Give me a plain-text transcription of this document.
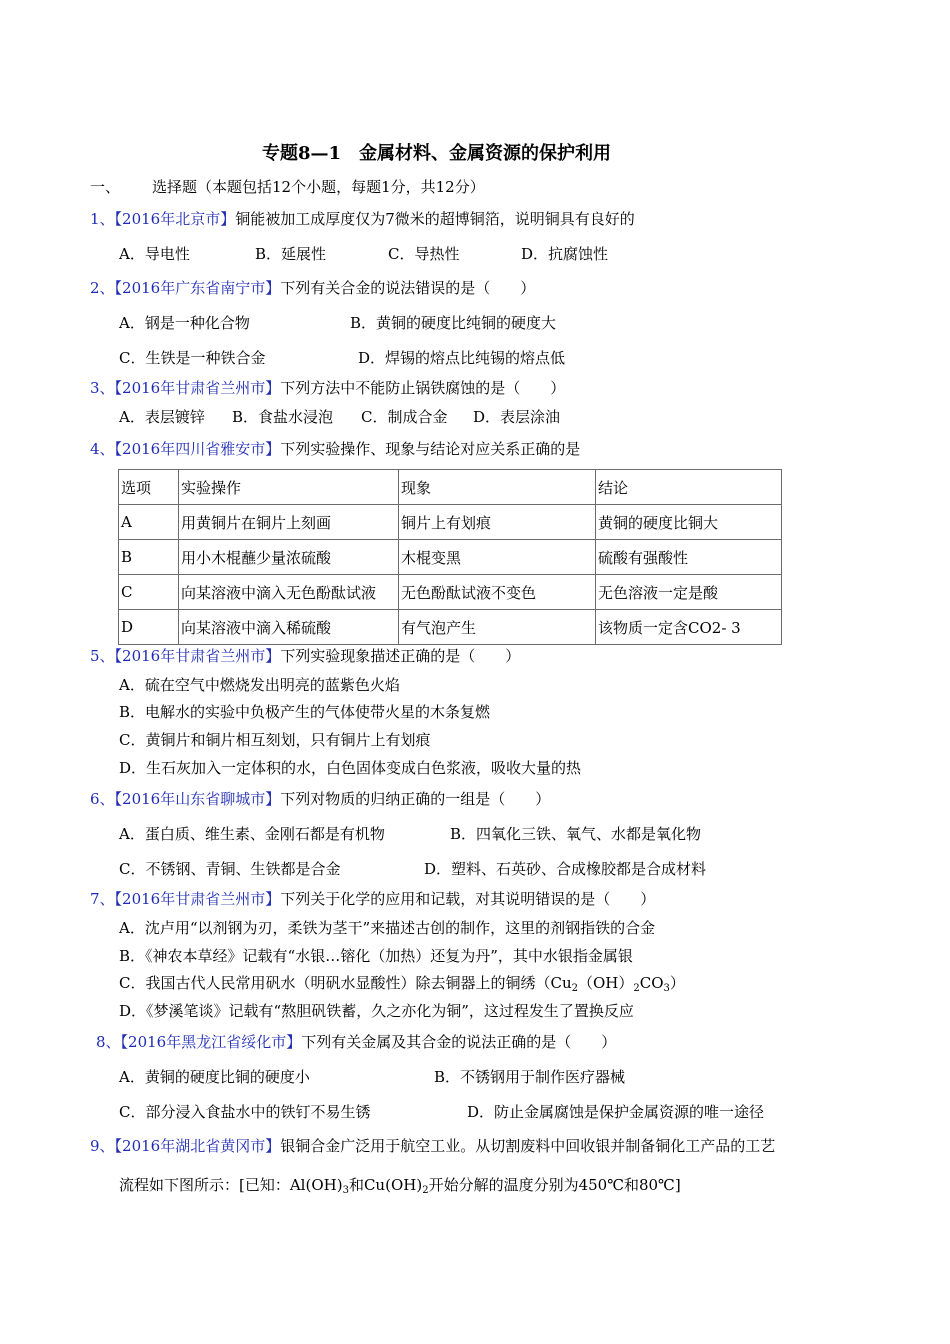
专题8—1　金属材料、金属资源的保护利用
一、 选择题（本题包括12个小题，每题1分，共12分）
1、【2016年北京市】铜能被加工成厚度仅为7微米的超博铜箔，说明铜具有良好的
A．导电性	B．延展性	C．导热性	D．抗腐蚀性
2、【2016年广东省南宁市】下列有关合金的说法错误的是（　　）
A．钢是一种化合物	B．黄铜的硬度比纯铜的硬度大
C．生铁是一种铁合金	D．焊锡的熔点比纯锡的熔点低
3、【2016年甘肃省兰州市】下列方法中不能防止锅铁腐蚀的是（　　）
A．表层镀锌 B．食盐水浸泡 C．制成合金 D．表层涂油
4、【2016年四川省雅安市】下列实验操作、现象与结论对应关系正确的是
选项	实验操作	现象	结论
A	用黄铜片在铜片上刻画	铜片上有划痕	黄铜的硬度比铜大
B	用小木棍蘸少量浓硫酸	木棍变黑	硫酸有强酸性
C	向某溶液中滴入无色酚酞试液	无色酚酞试液不变色	无色溶液一定是酸
D	向某溶液中滴入稀硫酸	有气泡产生	该物质一定含CO2- 3
5、【2016年甘肃省兰州市】下列实验现象描述正确的是（　　）
A．硫在空气中燃烧发出明亮的蓝紫色火焰
B．电解水的实验中负极产生的气体使带火星的木条复燃
C．黄铜片和铜片相互刻划，只有铜片上有划痕
D．生石灰加入一定体积的水，白色固体变成白色浆液，吸收大量的热
6、【2016年山东省聊城市】下列对物质的归纳正确的一组是（　　）
A．蛋白质、维生素、金刚石都是有机物	B．四氧化三铁、氧气、水都是氧化物
C．不锈钢、青铜、生铁都是合金	D．塑料、石英砂、合成橡胶都是合成材料
7、【2016年甘肃省兰州市】下列关于化学的应用和记载，对其说明错误的是（　　）
A．沈卢用“以剂钢为刃，柔铁为茎干”来描述古创的制作，这里的剂钢指铁的合金
B．《神农本草经》记载有“水银…镕化（加热）还复为丹”，其中水银指金属银
C．我国古代人民常用矾水（明矾水显酸性）除去铜器上的铜绣$(Cu_2(OH)_2CO_3)$
D．《梦溪笔谈》记载有“熬胆矾铁蓄，久之亦化为铜”，这过程发生了置换反应
8、【2016年黑龙江省绥化市】下列有关金属及其合金的说法正确的是（　　）
A．黄铜的硬度比铜的硬度小	B．不锈钢用于制作医疗器械
C．部分浸入食盐水中的铁钉不易生锈	D．防止金属腐蚀是保护金属资源的唯一途径
9、【2016年湖北省黄冈市】银铜合金广泛用于航空工业。从切割废料中回收银并制备铜化工产品的工艺
流程如下图所示：[已知：$Al(OH)_3$和$Cu(OH)_2$开始分解的温度分别为450℃和80℃]
